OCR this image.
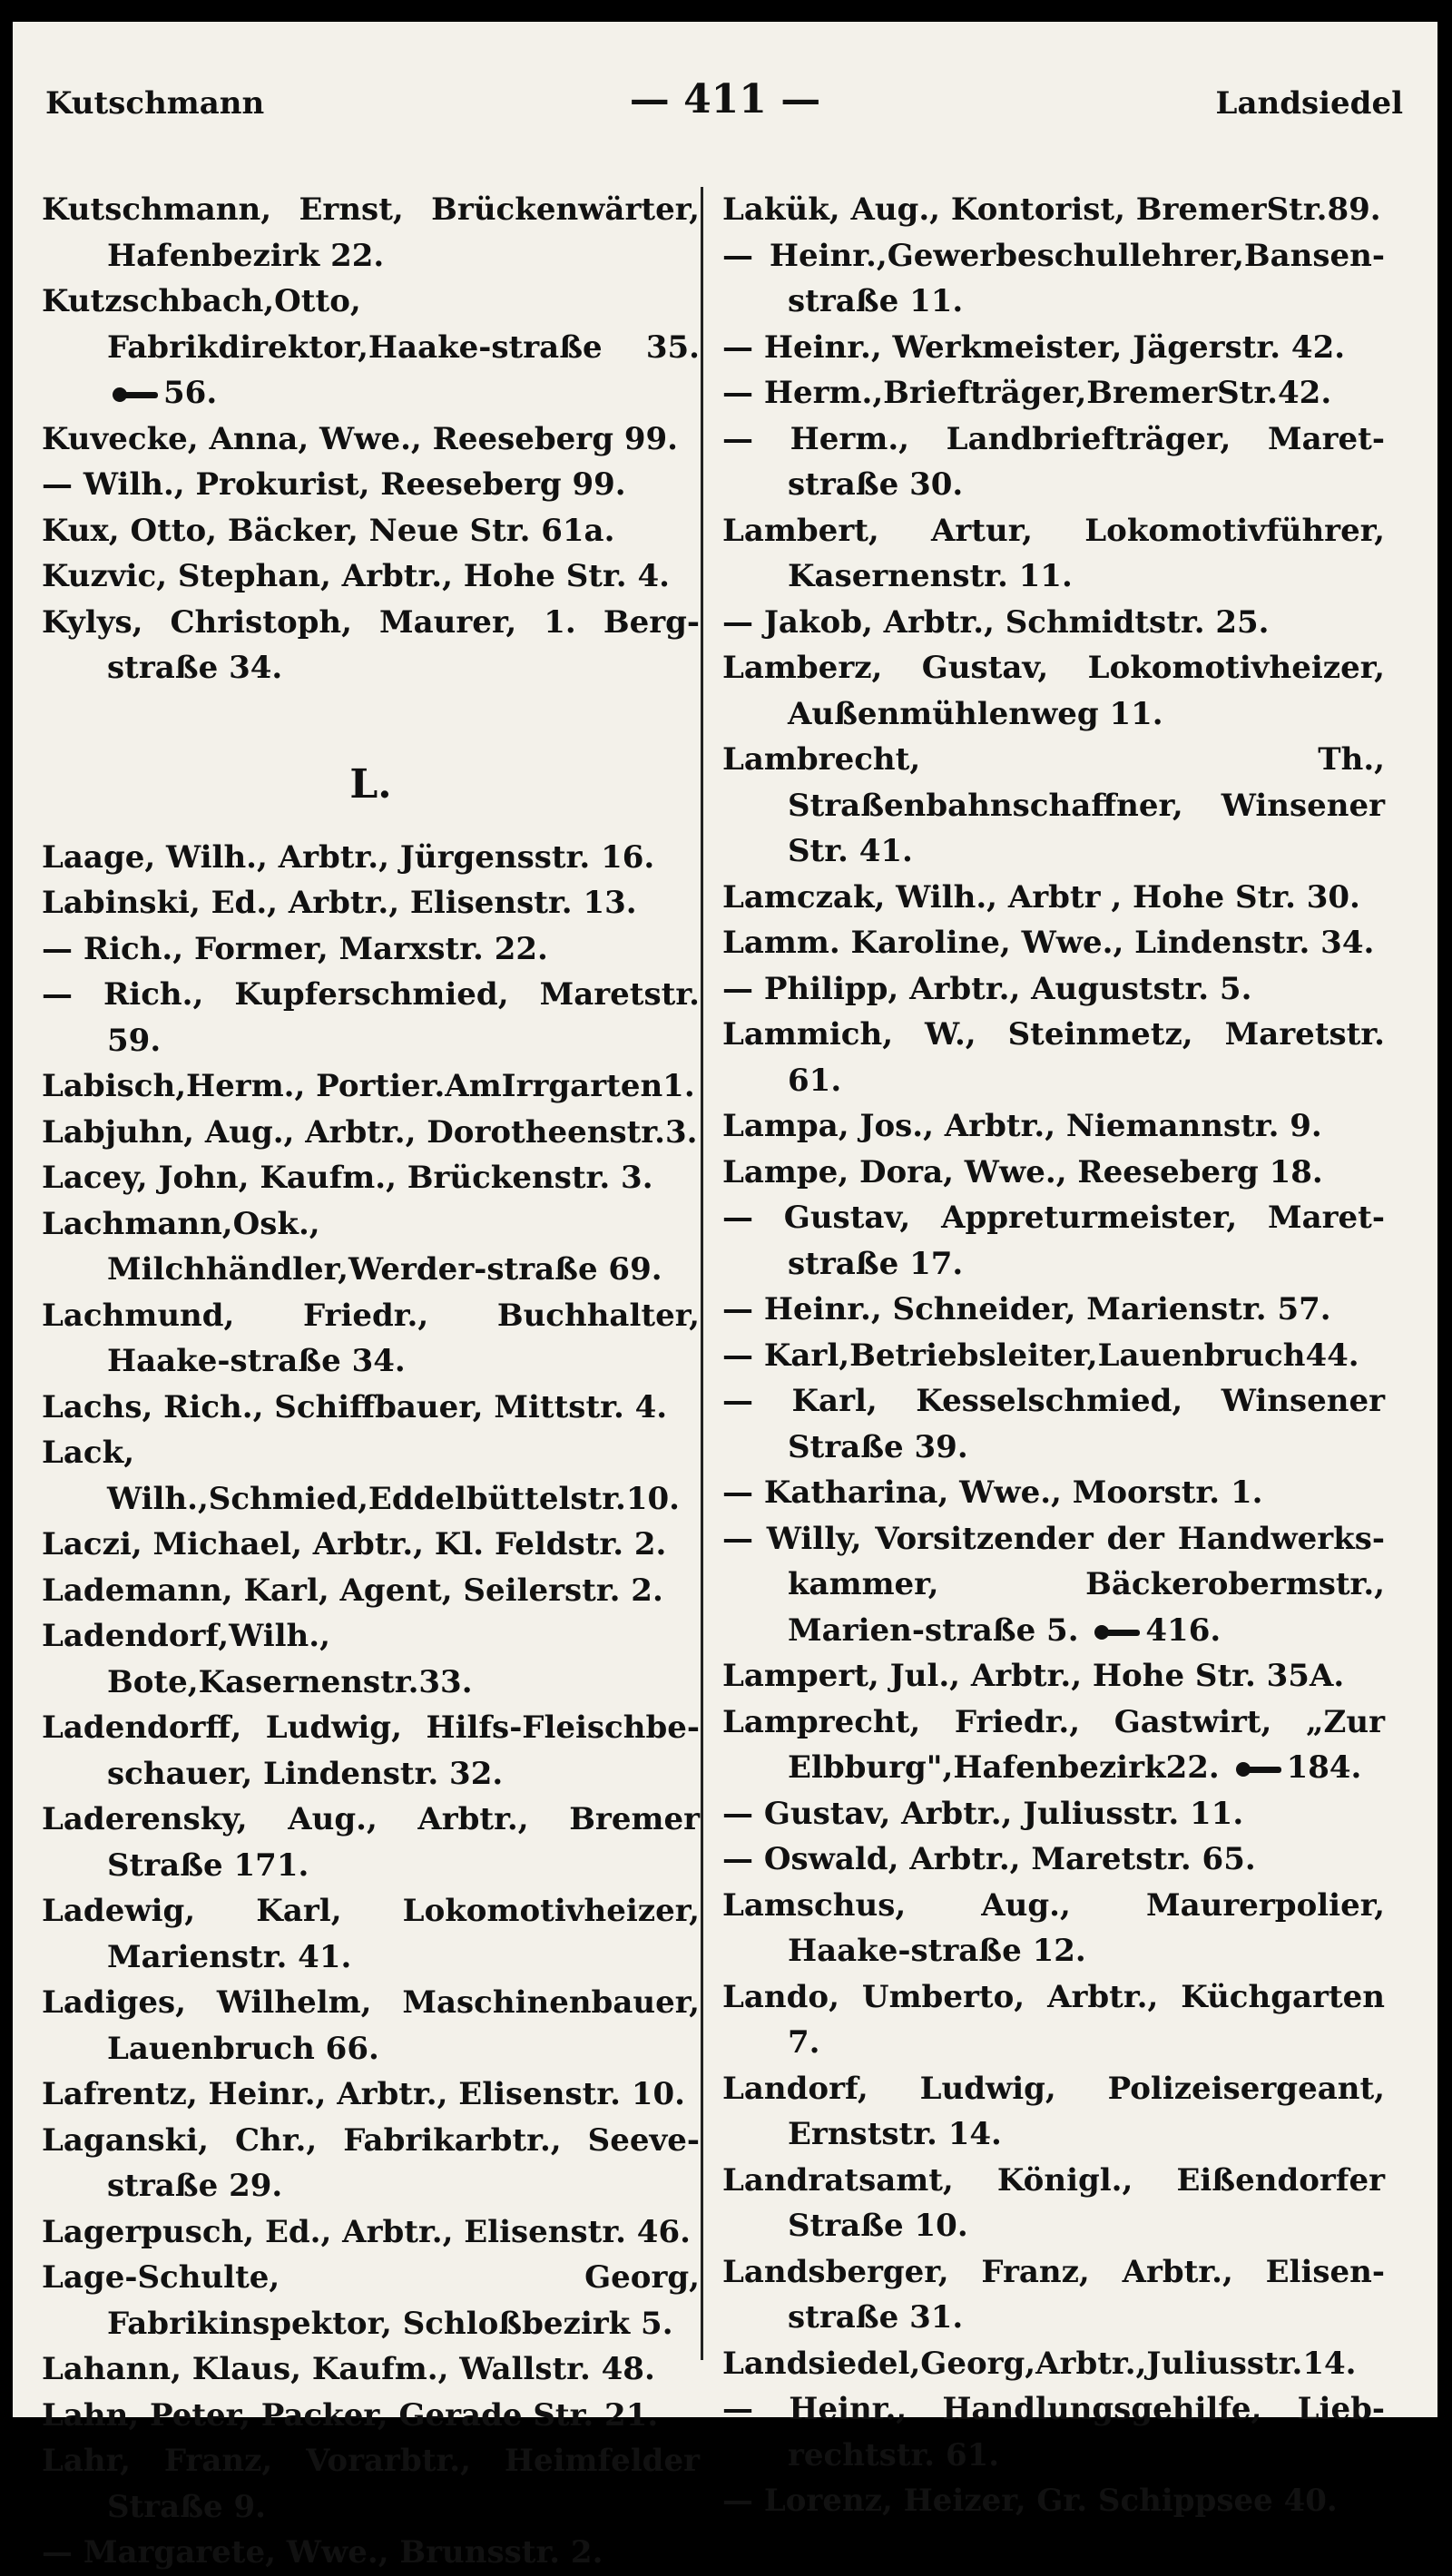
Kutschmann	— 411 —	Landsiedel
Kutschmann, Ernst, Brückenwärter, Hafenbezirk 22.
Kutzschbach,Otto, Fabrikdirektor,Haake-straße 35. 56.
Kuvecke, Anna, Wwe., Reeseberg 99.
— Wilh., Prokurist, Reeseberg 99.
Kux, Otto, Bäcker, Neue Str. 61a.
Kuzvic, Stephan, Arbtr., Hohe Str. 4.
Kylys, Christoph, Maurer, 1. Berg-straße 34.
L.
Laage, Wilh., Arbtr., Jürgensstr. 16.
Labinski, Ed., Arbtr., Elisenstr. 13.
— Rich., Former, Marxstr. 22.
— Rich., Kupferschmied, Maretstr. 59.
Labisch,Herm., Portier.AmIrrgarten1.
Labjuhn, Aug., Arbtr., Dorotheenstr.3.
Lacey, John, Kaufm., Brückenstr. 3.
Lachmann,Osk., Milchhändler,Werder-straße 69.
Lachmund, Friedr., Buchhalter, Haake-straße 34.
Lachs, Rich., Schiffbauer, Mittstr. 4.
Lack, Wilh.,Schmied,Eddelbüttelstr.10.
Laczi, Michael, Arbtr., Kl. Feldstr. 2.
Lademann, Karl, Agent, Seilerstr. 2.
Ladendorf,Wilh., Bote,Kasernenstr.33.
Ladendorff, Ludwig, Hilfs-Fleischbe-schauer, Lindenstr. 32.
Laderensky, Aug., Arbtr., Bremer Straße 171.
Ladewig, Karl, Lokomotivheizer, Marienstr. 41.
Ladiges, Wilhelm, Maschinenbauer, Lauenbruch 66.
Lafrentz, Heinr., Arbtr., Elisenstr. 10.
Laganski, Chr., Fabrikarbtr., Seeve-straße 29.
Lagerpusch, Ed., Arbtr., Elisenstr. 46.
Lage-Schulte, Georg, Fabrikinspektor, Schloßbezirk 5.
Lahann, Klaus, Kaufm., Wallstr. 48.
Lahn, Peter, Packer, Gerade Str. 21.
Lahr, Franz, Vorarbtr., Heimfelder Straße 9.
— Margarete, Wwe., Brunsstr. 2.
Lakük, Aug., Kontorist, BremerStr.89.
— Heinr.,Gewerbeschullehrer,Bansen-straße 11.
— Heinr., Werkmeister, Jägerstr. 42.
— Herm.,Briefträger,BremerStr.42.
— Herm., Landbriefträger, Maret-straße 30.
Lambert, Artur, Lokomotivführer, Kasernenstr. 11.
— Jakob, Arbtr., Schmidtstr. 25.
Lamberz, Gustav, Lokomotivheizer, Außenmühlenweg 11.
Lambrecht, Th., Straßenbahnschaffner, Winsener Str. 41.
Lamczak, Wilh., Arbtr , Hohe Str. 30.
Lamm. Karoline, Wwe., Lindenstr. 34.
— Philipp, Arbtr., Auguststr. 5.
Lammich, W., Steinmetz, Maretstr. 61.
Lampa, Jos., Arbtr., Niemannstr. 9.
Lampe, Dora, Wwe., Reeseberg 18.
— Gustav, Appreturmeister, Maret-straße 17.
— Heinr., Schneider, Marienstr. 57.
— Karl,Betriebsleiter,Lauenbruch44.
— Karl, Kesselschmied, Winsener Straße 39.
— Katharina, Wwe., Moorstr. 1.
— Willy, Vorsitzender der Handwerks-kammer, Bäckerobermstr., Marien-straße 5. 416.
Lampert, Jul., Arbtr., Hohe Str. 35A.
Lamprecht, Friedr., Gastwirt, „Zur Elbburg",Hafenbezirk22. 184.
— Gustav, Arbtr., Juliusstr. 11.
— Oswald, Arbtr., Maretstr. 65.
Lamschus, Aug., Maurerpolier, Haake-straße 12.
Lando, Umberto, Arbtr., Küchgarten 7.
Landorf, Ludwig, Polizeisergeant, Ernststr. 14.
Landratsamt, Königl., Eißendorfer Straße 10.
Landsberger, Franz, Arbtr., Elisen-straße 31.
Landsiedel,Georg,Arbtr.,Juliusstr.14.
— Heinr., Handlungsgehilfe, Lieb-rechtstr. 61.
— Lorenz, Heizer, Gr. Schippsee 40.
